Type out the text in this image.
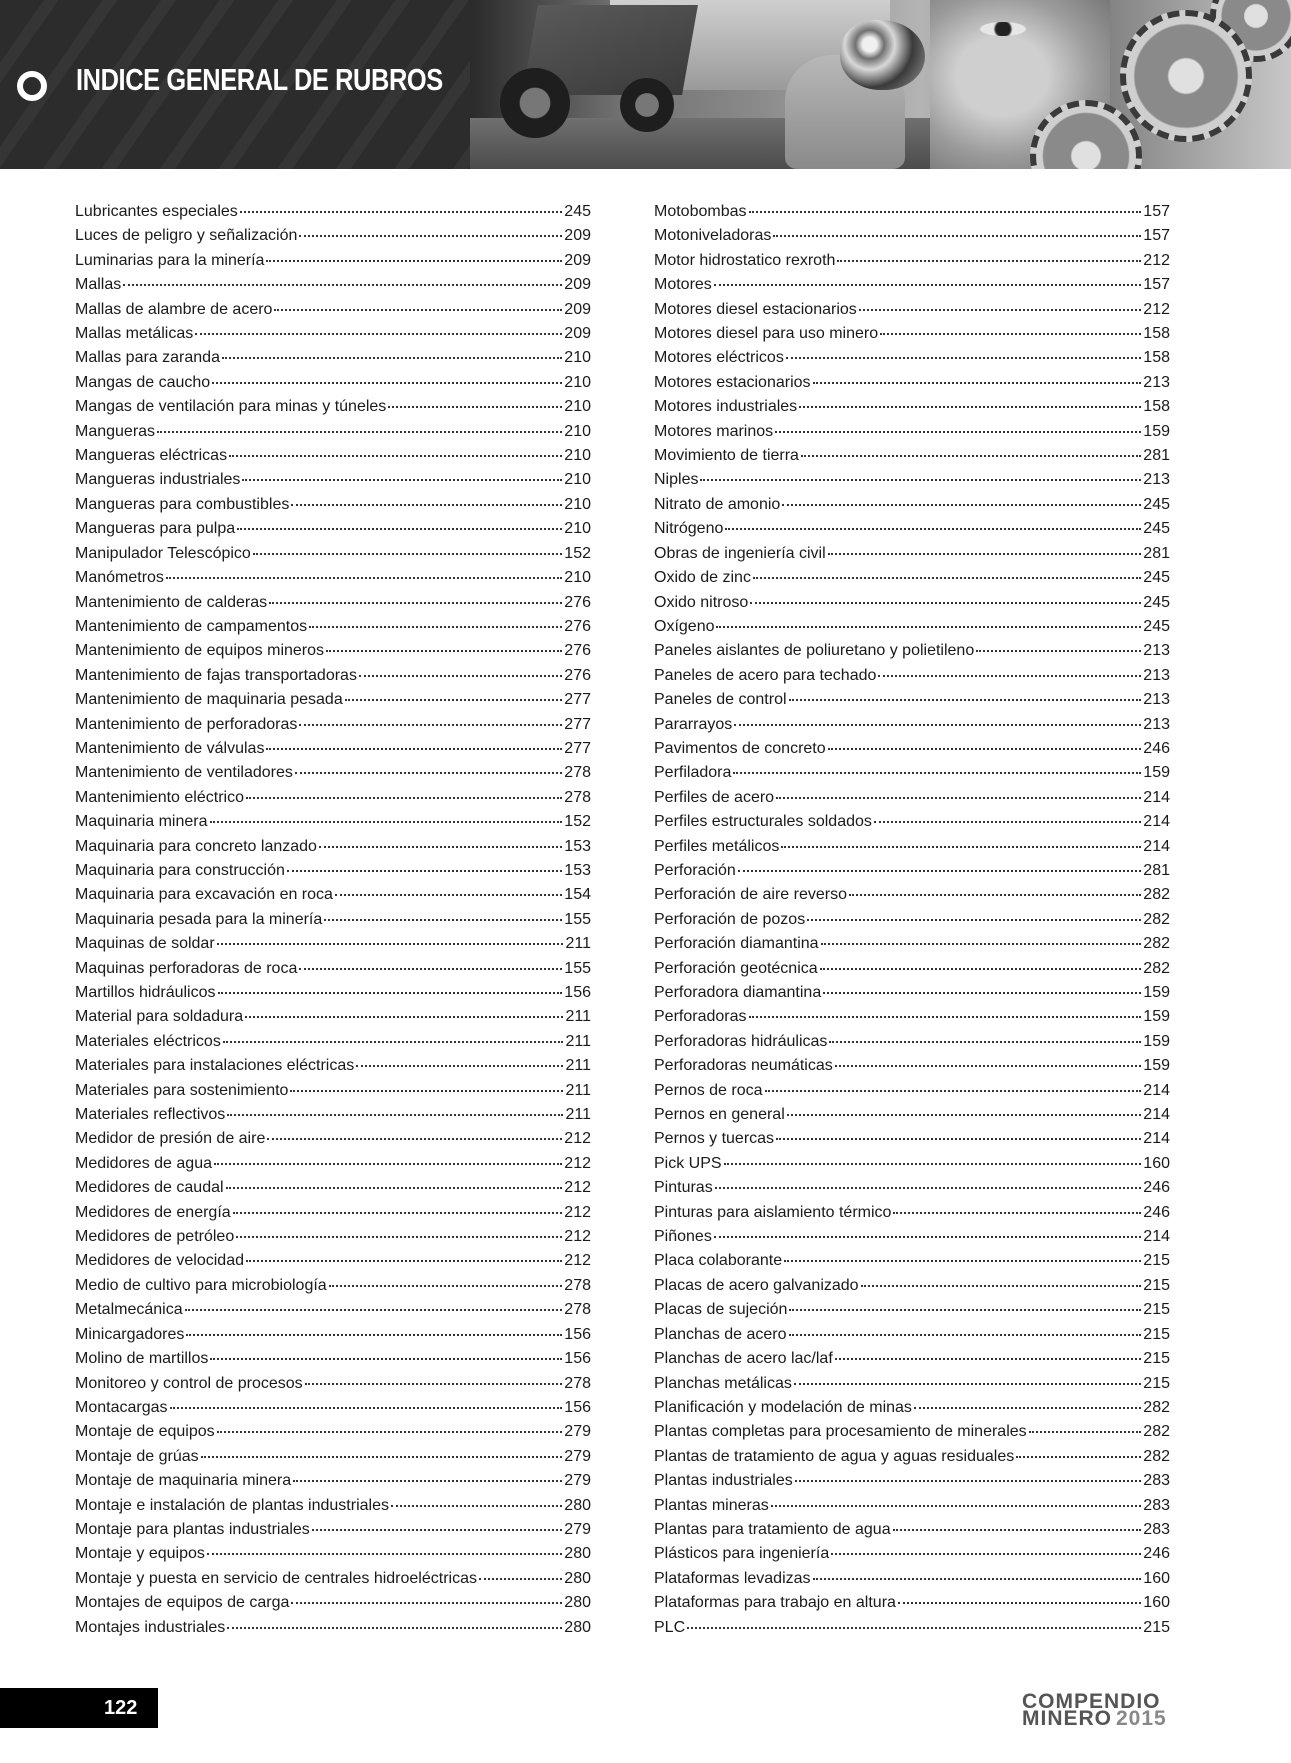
INDICE GENERAL DE RUBROS
Lubricantes especiales	245
Luces de peligro y señalización	209
Luminarias para la minería	209
Mallas	209
Mallas de alambre de acero	209
Mallas metálicas	209
Mallas para zaranda	210
Mangas de caucho	210
Mangas de ventilación para minas y túneles	210
Mangueras	210
Mangueras eléctricas	210
Mangueras industriales	210
Mangueras para combustibles	210
Mangueras para pulpa	210
Manipulador Telescópico	152
Manómetros	210
Mantenimiento de calderas	276
Mantenimiento de campamentos	276
Mantenimiento de equipos mineros	276
Mantenimiento de fajas transportadoras	276
Mantenimiento de maquinaria pesada	277
Mantenimiento de perforadoras	277
Mantenimiento de válvulas	277
Mantenimiento de ventiladores	278
Mantenimiento eléctrico	278
Maquinaria minera	152
Maquinaria para concreto lanzado	153
Maquinaria para construcción	153
Maquinaria para excavación en roca	154
Maquinaria pesada para la minería	155
Maquinas de soldar	211
Maquinas perforadoras de roca	155
Martillos hidráulicos	156
Material para soldadura	211
Materiales eléctricos	211
Materiales para instalaciones eléctricas	211
Materiales para sostenimiento	211
Materiales reflectivos	211
Medidor de presión de aire	212
Medidores de agua	212
Medidores de caudal	212
Medidores de energía	212
Medidores de petróleo	212
Medidores de velocidad	212
Medio de cultivo para microbiología	278
Metalmecánica	278
Minicargadores	156
Molino de martillos	156
Monitoreo y control de procesos	278
Montacargas	156
Montaje de equipos	279
Montaje de grúas	279
Montaje de maquinaria minera	279
Montaje e instalación de plantas industriales	280
Montaje para plantas industriales	279
Montaje y equipos	280
Montaje y puesta en servicio de centrales hidroeléctricas	280
Montajes de equipos de carga	280
Montajes industriales	280
Motobombas	157
Motoniveladoras	157
Motor hidrostatico rexroth	212
Motores	157
Motores diesel estacionarios	212
Motores diesel para uso minero	158
Motores eléctricos	158
Motores estacionarios	213
Motores industriales	158
Motores marinos	159
Movimiento de tierra	281
Niples	213
Nitrato de amonio	245
Nitrógeno	245
Obras de ingeniería civil	281
Oxido de zinc	245
Oxido nitroso	245
Oxígeno	245
Paneles aislantes de poliuretano y polietileno	213
Paneles de acero para techado	213
Paneles de control	213
Pararrayos	213
Pavimentos de concreto	246
Perfiladora	159
Perfiles de acero	214
Perfiles estructurales soldados	214
Perfiles metálicos	214
Perforación	281
Perforación de aire reverso	282
Perforación de pozos	282
Perforación diamantina	282
Perforación geotécnica	282
Perforadora diamantina	159
Perforadoras	159
Perforadoras hidráulicas	159
Perforadoras neumáticas	159
Pernos de roca	214
Pernos en general	214
Pernos y tuercas	214
Pick UPS	160
Pinturas	246
Pinturas para aislamiento térmico	246
Piñones	214
Placa colaborante	215
Placas de acero galvanizado	215
Placas de sujeción	215
Planchas de acero	215
Planchas de acero lac/laf	215
Planchas metálicas	215
Planificación y modelación de minas	282
Plantas completas para procesamiento de minerales	282
Plantas de tratamiento de agua y aguas residuales	282
Plantas industriales	283
Plantas mineras	283
Plantas para tratamiento de agua	283
Plásticos para ingeniería	246
Plataformas levadizas	160
Plataformas para trabajo en altura	160
PLC	215
122	COMPENDIO
MINERO 2015
